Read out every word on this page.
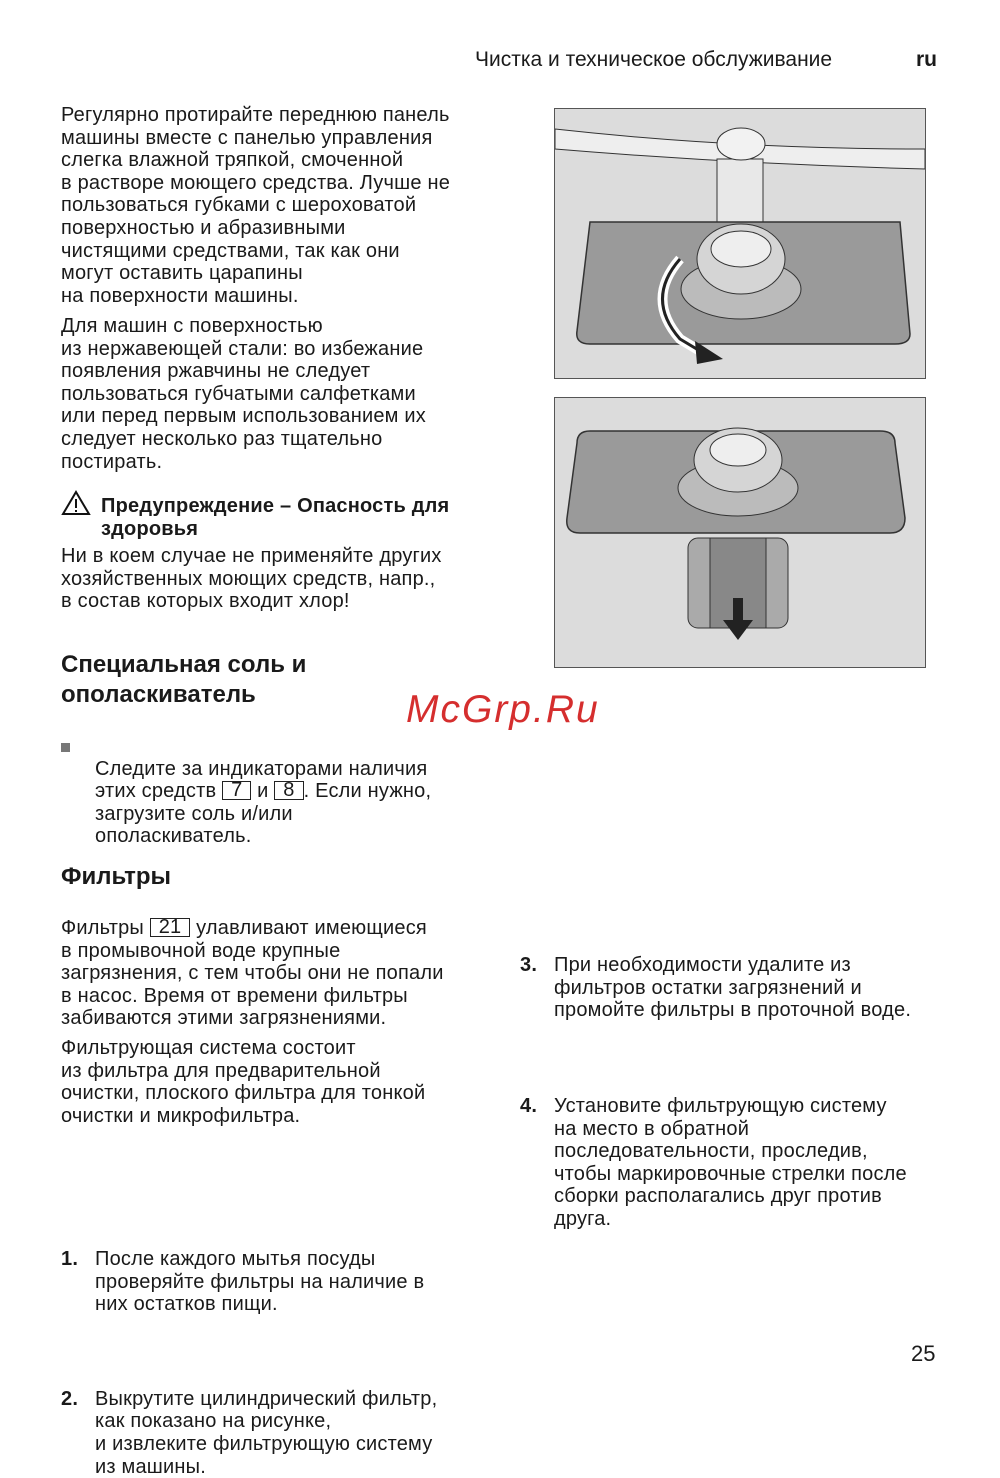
Чистка и техническое обслуживание	ru
Регулярно протирайте переднюю панель
машины вместе с панелью управления
слегка влажной тряпкой, смоченной
в растворе моющего средства. Лучше не
пользоваться губками с шероховатой
поверхностью и абразивными
чистящими средствами, так как они
могут оставить царапины
на поверхности машины.
Для машин с поверхностью
из нержавеющей стали: во избежание
появления ржавчины не следует
пользоваться губчатыми салфетками
или перед первым использованием их
следует несколько раз тщательно
постирать.
Предупреждение – Опасность для
здоровья
Ни в коем случае не применяйте других
хозяйственных моющих средств, напр.,
в состав которых входит хлор!
Специальная соль и
ополаскиватель

Следите за индикаторами наличия
этих средств 7 и 8 . Если нужно,
загрузите соль и/или
ополаскиватель.

Фильтры
Фильтры 21 улавливают имеющиеся
в промывочной воде крупные
загрязнения, с тем чтобы они не попали
в насос. Время от времени фильтры
забиваются этими загрязнениями.
Фильтрующая система состоит
из фильтра для предварительной
очистки, плоского фильтра для тонкой
очистки и микрофильтра.
1. После каждого мытья посуды
проверяйте фильтры на наличие в
них остатков пищи.
2. Выкрутите цилиндрический фильтр,
как показано на рисунке,
и извлеките фильтрующую систему
из машины.
3. При необходимости удалите из
фильтров остатки загрязнений и
промойте фильтры в проточной воде.
4. Установите фильтрующую систему
на место в обратной
последовательности, проследив,
чтобы маркировочные стрелки после
сборки располагались друг против
друга.
McGrp.Ru
25
